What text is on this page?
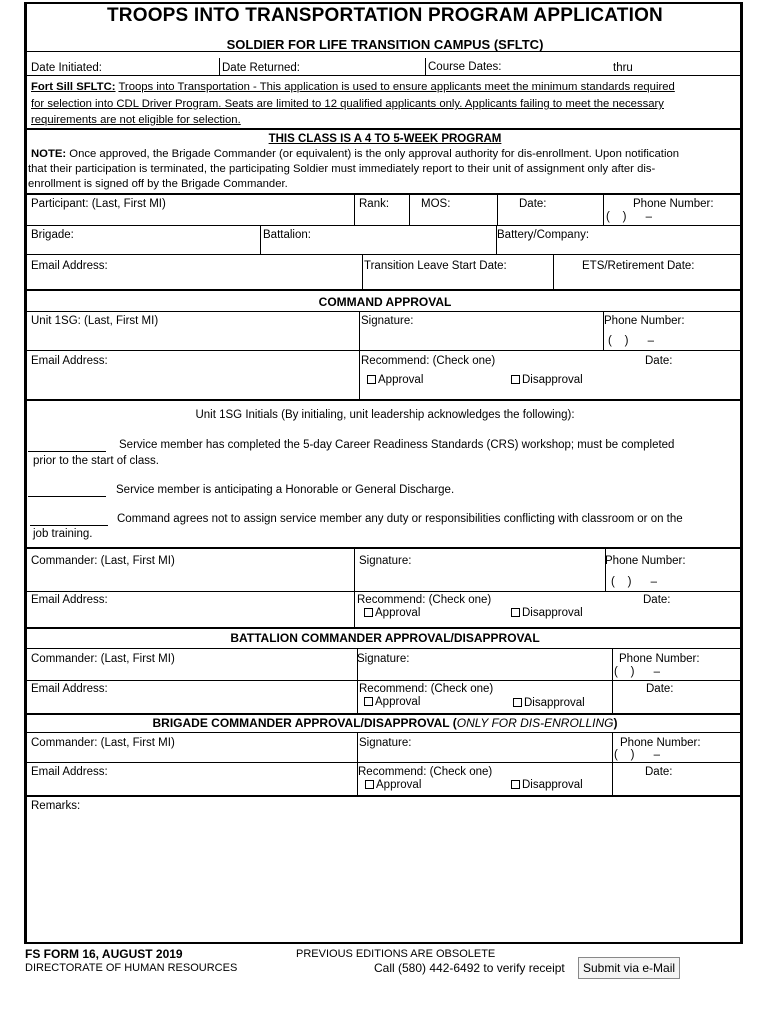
TROOPS INTO TRANSPORTATION PROGRAM APPLICATION
SOLDIER FOR LIFE TRANSITION CAMPUS (SFLTC)
Date Initiated:	Date Returned:	Course Dates:	thru
Fort Sill SFLTC: Troops into Transportation - This application is used to ensure applicants meet the minimum standards required
for selection into CDL Driver Program. Seats are limited to 12 qualified applicants only. Applicants failing to meet the necessary
requirements are not eligible for selection.
THIS CLASS IS A 4 TO 5-WEEK PROGRAM
NOTE: Once approved, the Brigade Commander (or equivalent) is the only approval authority for dis-enrollment. Upon notification
that their participation is terminated, the participating Soldier must immediately report to their unit of assignment only after dis-
enrollment is signed off by the Brigade Commander.
Participant: (Last, First MI)	Rank:	MOS:	Date:	Phone Number:
(    )      –
Brigade:	Battalion:	Battery/Company:
Email Address:	Transition Leave Start Date:	ETS/Retirement Date:
COMMAND APPROVAL
Unit 1SG: (Last, First MI)	Signature:	Phone Number:
(    )      –
Email Address:	Recommend: (Check one)
Approval	Disapproval
Date:
Unit 1SG Initials (By initialing, unit leadership acknowledges the following):
Service member has completed the 5-day Career Readiness Standards (CRS) workshop; must be completed
prior to the start of class.
Service member is anticipating a Honorable or General Discharge.
Command agrees not to assign service member any duty or responsibilities conflicting with classroom or on the
job training.
Commander: (Last, First MI)	Signature:	Phone Number:
(    )      –
Email Address:	Recommend: (Check one)
Approval	Disapproval
Date:
BATTALION COMMANDER APPROVAL/DISAPPROVAL
Commander: (Last, First MI)	Signature:	Phone Number:
(    )      –
Email Address:	Recommend: (Check one)
Approval	Disapproval
Date:
BRIGADE COMMANDER APPROVAL/DISAPPROVAL (ONLY FOR DIS-ENROLLING)
Commander: (Last, First MI)	Signature:	Phone Number:
(    )      –
Email Address:	Recommend: (Check one)
Approval	Disapproval
Date:
Remarks:
FS FORM 16, AUGUST 2019
DIRECTORATE OF HUMAN RESOURCES
PREVIOUS EDITIONS ARE OBSOLETE
Call (580) 442-6492 to verify receipt	Submit via e-Mail
